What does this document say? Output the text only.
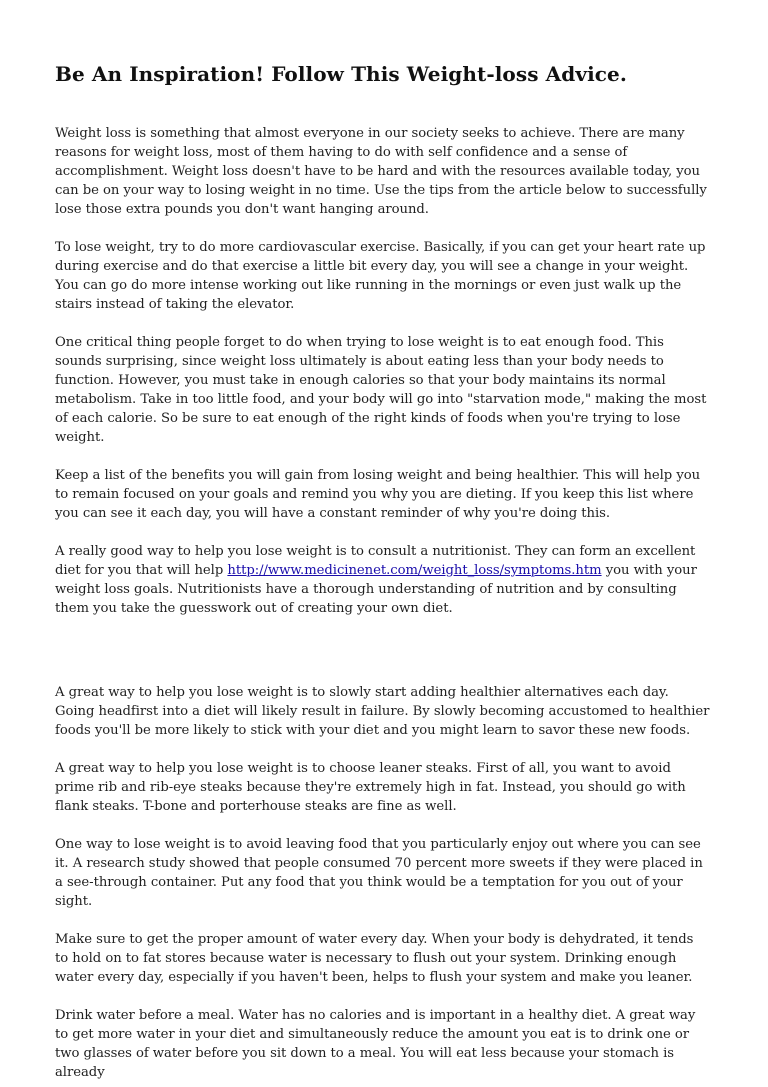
Be An Inspiration! Follow This Weight-loss Advice.

Weight loss is something that almost everyone in our society seeks to achieve. There are many reasons for weight loss, most of them having to do with self confidence and a sense of accomplishment. Weight loss doesn't have to be hard and with the resources available today, you can be on your way to losing weight in no time. Use the tips from the article below to successfully lose those extra pounds you don't want hanging around.

To lose weight, try to do more cardiovascular exercise. Basically, if you can get your heart rate up during exercise and do that exercise a little bit every day, you will see a change in your weight. You can go do more intense working out like running in the mornings or even just walk up the stairs instead of taking the elevator.

One critical thing people forget to do when trying to lose weight is to eat enough food. This sounds surprising, since weight loss ultimately is about eating less than your body needs to function. However, you must take in enough calories so that your body maintains its normal metabolism. Take in too little food, and your body will go into "starvation mode," making the most of each calorie. So be sure to eat enough of the right kinds of foods when you're trying to lose weight.

Keep a list of the benefits you will gain from losing weight and being healthier. This will help you to remain focused on your goals and remind you why you are dieting. If you keep this list where you can see it each day, you will have a constant reminder of why you're doing this.

A really good way to help you lose weight is to consult a nutritionist. They can form an excellent diet for you that will help http://www.medicinenet.com/weight_loss/symptoms.htm you with your weight loss goals. Nutritionists have a thorough understanding of nutrition and by consulting them you take the guesswork out of creating your own diet.

A great way to help you lose weight is to slowly start adding healthier alternatives each day. Going headfirst into a diet will likely result in failure. By slowly becoming accustomed to healthier foods you'll be more likely to stick with your diet and you might learn to savor these new foods.

A great way to help you lose weight is to choose leaner steaks. First of all, you want to avoid prime rib and rib-eye steaks because they're extremely high in fat. Instead, you should go with flank steaks. T-bone and porterhouse steaks are fine as well.

One way to lose weight is to avoid leaving food that you particularly enjoy out where you can see it. A research study showed that people consumed 70 percent more sweets if they were placed in a see-through container. Put any food that you think would be a temptation for you out of your sight.

Make sure to get the proper amount of water every day. When your body is dehydrated, it tends to hold on to fat stores because water is necessary to flush out your system. Drinking enough water every day, especially if you haven't been, helps to flush your system and make you leaner.

Drink water before a meal. Water has no calories and is important in a healthy diet. A great way to get more water in your diet and simultaneously reduce the amount you eat is to drink one or two glasses of water before you sit down to a meal. You will eat less because your stomach is already
